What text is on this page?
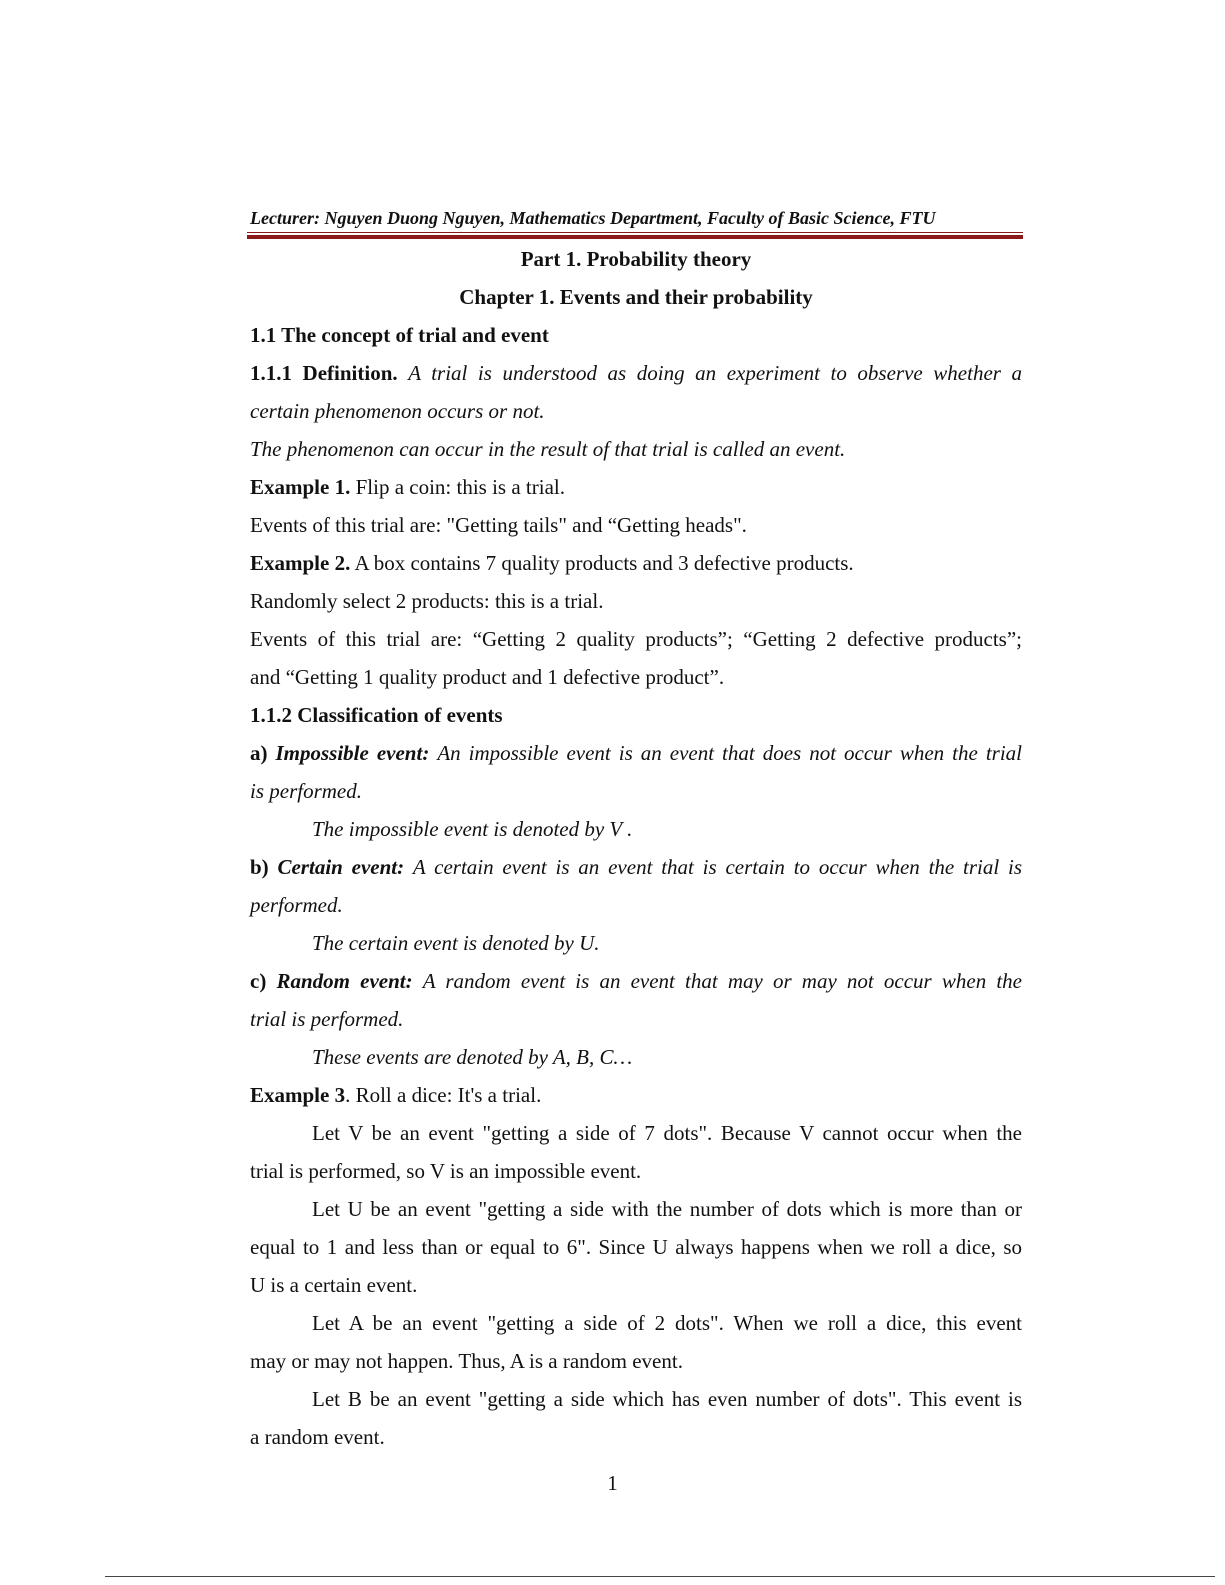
Lecturer: Nguyen Duong Nguyen, Mathematics Department, Faculty of Basic Science, FTU
Part 1. Probability theory
Chapter 1. Events and their probability
1.1 The concept of trial and event
1.1.1 Definition. A trial is understood as doing an experiment to observe whether a
certain phenomenon occurs or not.
The phenomenon can occur in the result of that trial is called an event.
Example 1. Flip a coin: this is a trial.
Events of this trial are: "Getting tails" and “Getting heads".
Example 2. A box contains 7 quality products and 3 defective products.
Randomly select 2 products: this is a trial.
Events of this trial are: “Getting 2 quality products”; “Getting 2 defective products”;
and “Getting 1 quality product and 1 defective product”.
1.1.2 Classification of events
a) Impossible event: An impossible event is an event that does not occur when the trial
is performed.
The impossible event is denoted by V .
b) Certain event: A certain event is an event that is certain to occur when the trial is
performed.
The certain event is denoted by U.
c) Random event: A random event is an event that may or may not occur when the
trial is performed.
These events are denoted by A, B, C…
Example 3. Roll a dice: It's a trial.
Let V be an event "getting a side of 7 dots". Because V cannot occur when the
trial is performed, so V is an impossible event.
Let U be an event "getting a side with the number of dots which is more than or
equal to 1 and less than or equal to 6". Since U always happens when we roll a dice, so
U is a certain event.
Let A be an event "getting a side of 2 dots". When we roll a dice, this event
may or may not happen. Thus, A is a random event.
Let B be an event "getting a side which has even number of dots". This event is
a random event.
1
